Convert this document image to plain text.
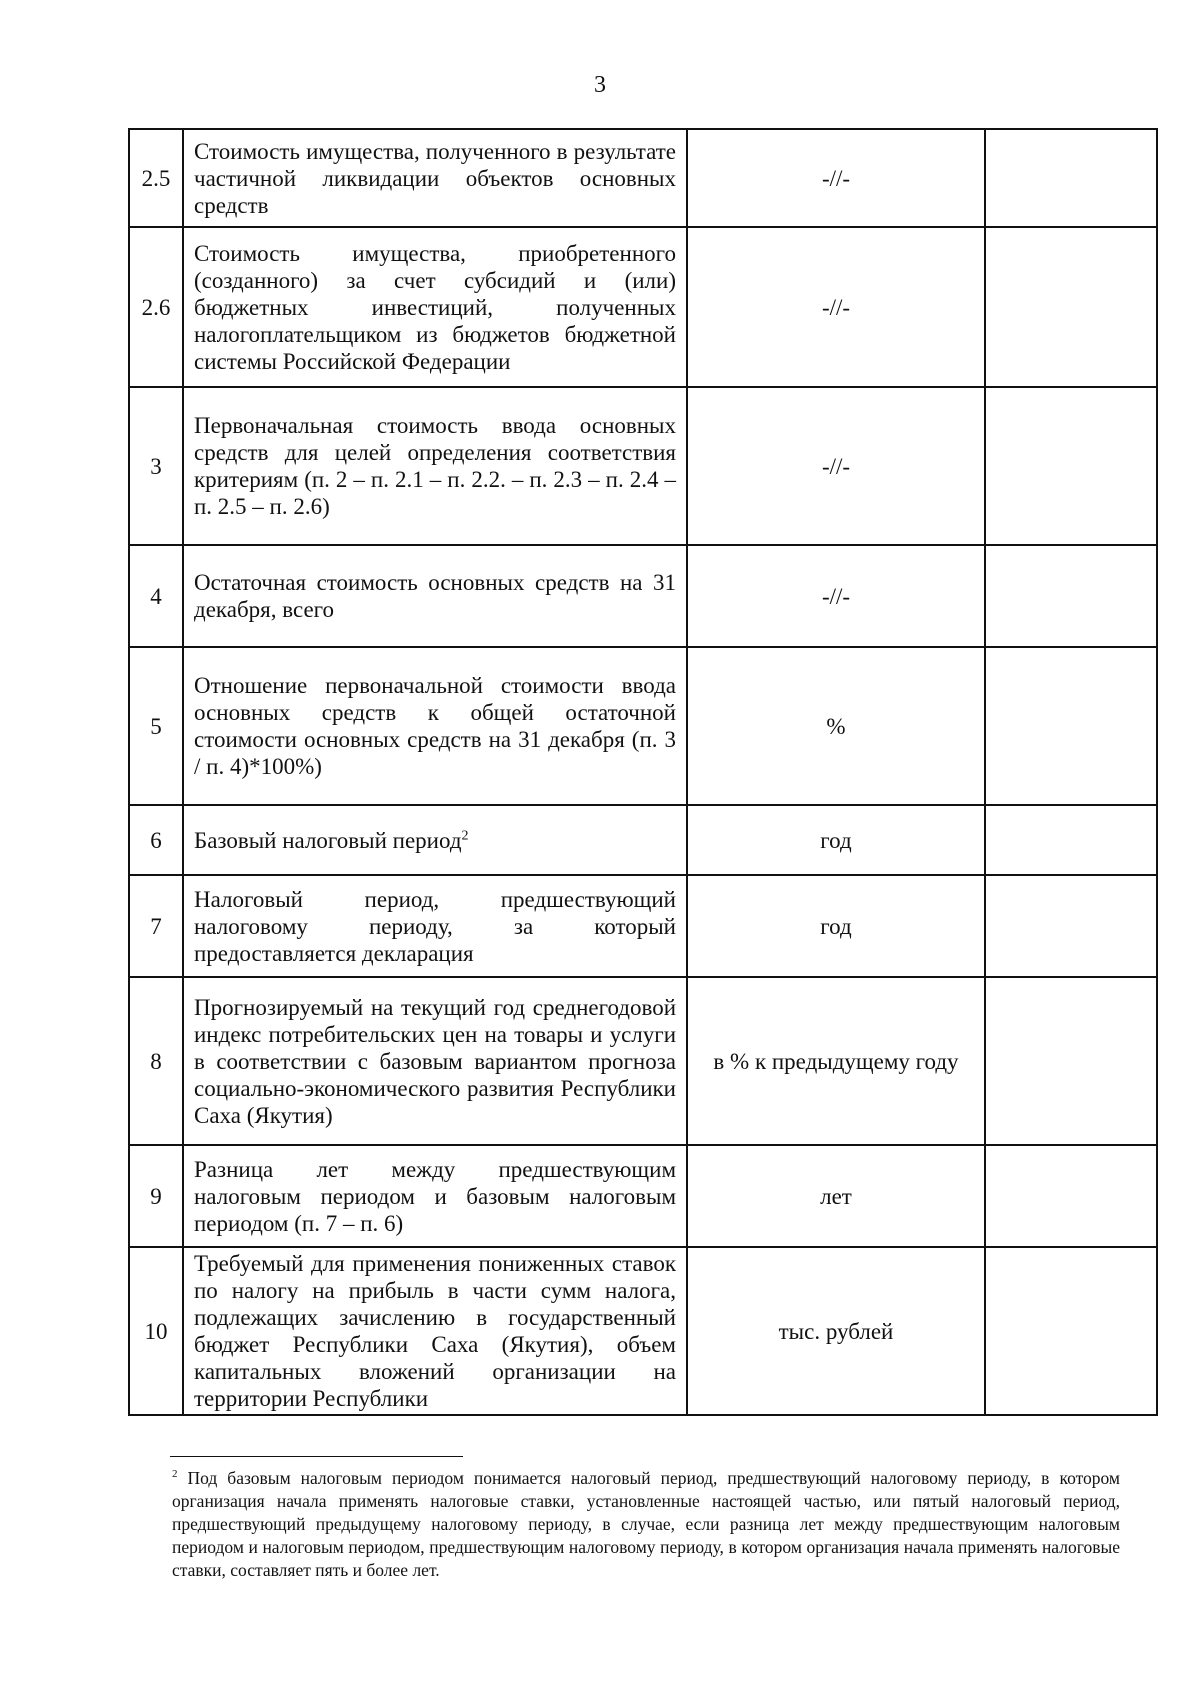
3
2.5	Стоимость имущества, полученного в результате частичной ликвидации объектов основных средств	-//-	
2.6	Стоимость имущества, приобретенного (созданного) за счет субсидий и (или) бюджетных инвестиций, полученных налогоплательщиком из бюджетов бюджетной системы Российской Федерации	-//-	
3	Первоначальная стоимость ввода основных средств для целей определения соответствия критериям (п. 2 – п. 2.1 – п. 2.2. – п. 2.3 – п. 2.4 – п. 2.5 – п. 2.6)	-//-	
4	Остаточная стоимость основных средств на 31 декабря, всего	-//-	
5	Отношение первоначальной стоимости ввода основных средств к общей остаточной стоимости основных средств на 31 декабря (п. 3 / п. 4)*100%)	%	
6	Базовый налоговый период$^2$	год	
7	Налоговый период, предшествующий налоговому периоду, за который предоставляется декларация	год	
8	Прогнозируемый на текущий год среднегодовой индекс потребительских цен на товары и услуги в соответствии с базовым вариантом прогноза социально-экономического развития Республики Саха (Якутия)	в % к предыдущему году	
9	Разница лет между предшествующим налоговым периодом и базовым налоговым периодом (п. 7 – п. 6)	лет	
10	Требуемый для применения пониженных ставок по налогу на прибыль в части сумм налога, подлежащих зачислению в государственный бюджет Республики Саха (Якутия), объем капитальных вложений организации на территории Республики	тыс. рублей	
$^2$ Под базовым налоговым периодом понимается налоговый период, предшествующий налоговому периоду, в котором организация начала применять налоговые ставки, установленные настоящей частью, или пятый налоговый период, предшествующий предыдущему налоговому периоду, в случае, если разница лет между предшествующим налоговым периодом и налоговым периодом, предшествующим налоговому периоду, в котором организация начала применять налоговые ставки, составляет пять и более лет.
